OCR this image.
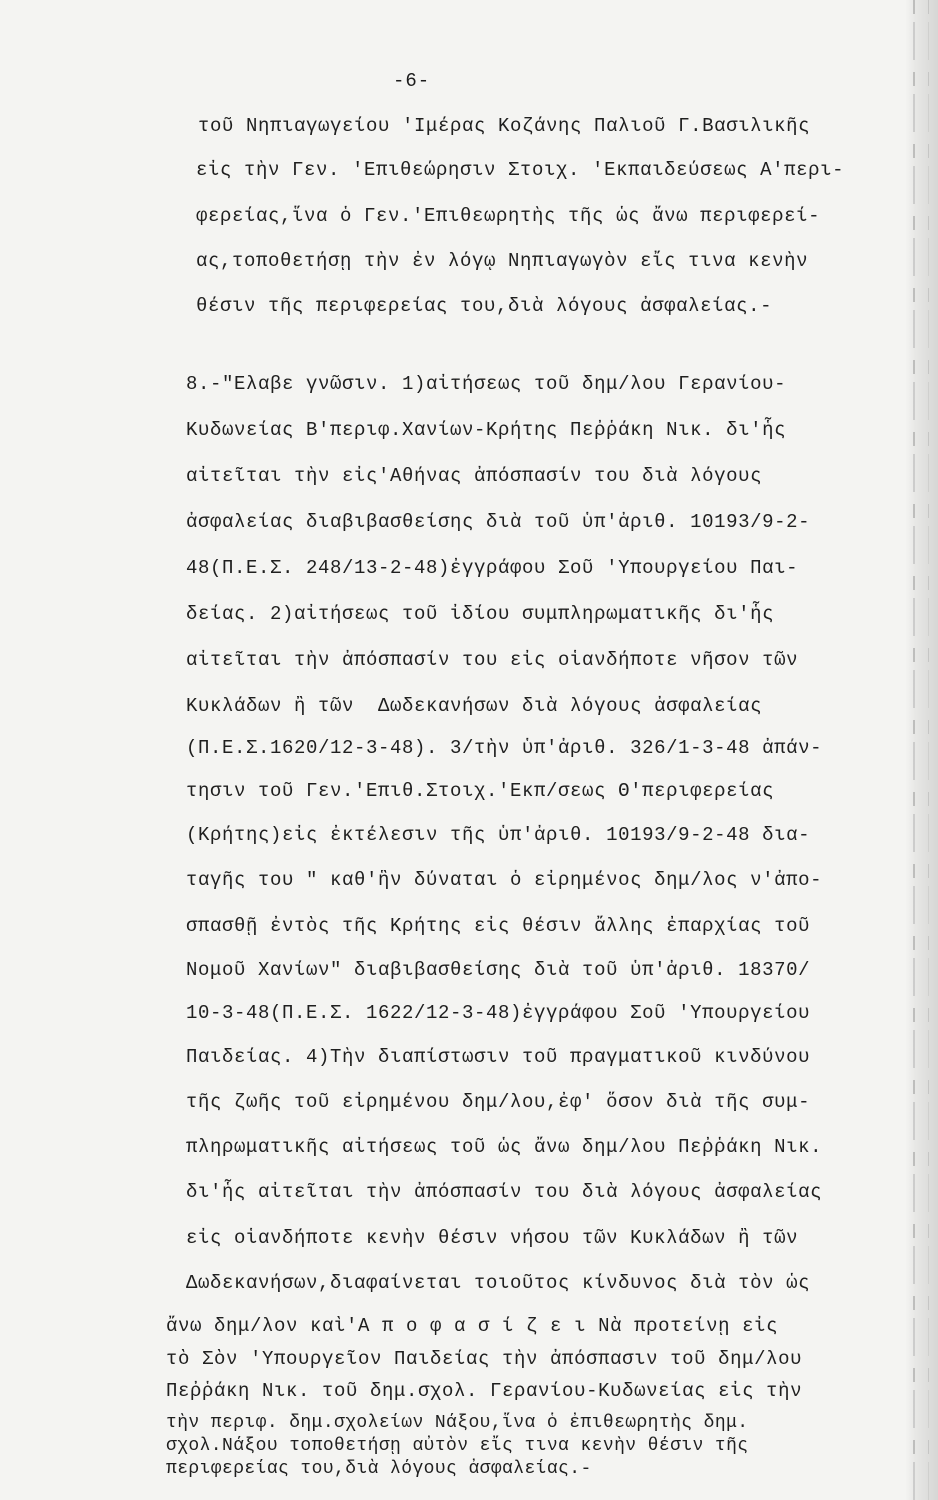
-6-
τοῦ Νηπιαγωγείου 'Ιμέρας Κοζάνης Παλιοῦ Γ.Βασιλικῆς
εἰς τὴν Γεν. 'Επιθεώρησιν Στοιχ. 'Εκπαιδεύσεως Α'περι-
φερείας,ἵνα ὁ Γεν.'Επιθεωρητὴς τῆς ὡς ἄνω περιφερεί-
ας,τοποθετήσῃ τὴν ἐν λόγῳ Νηπιαγωγὸν εἴς τινα κενὴν
θέσιν τῆς περιφερείας του,διὰ λόγους ἀσφαλείας.-
8.-"Ελαβε γνῶσιν. 1)αἰτήσεως τοῦ δημ/λου Γερανίου-
Κυδωνείας Β'περιφ.Χανίων-Κρήτης Πεῤῥάκη Νικ. δι'ἧς
αἰτεῖται τὴν εἰς'Αθήνας ἀπόσπασίν του διὰ λόγους
ἀσφαλείας διαβιβασθείσης διὰ τοῦ ὑπ'ἀριθ. 10193/9-2-
48(Π.Ε.Σ. 248/13-2-48)ἐγγράφου Σοῦ 'Υπουργείου Παι-
δείας. 2)αἰτήσεως τοῦ ἰδίου συμπληρωματικῆς δι'ἧς
αἰτεῖται τὴν ἀπόσπασίν του εἰς οἱανδήποτε νῆσον τῶν
Κυκλάδων ἢ τῶν  Δωδεκανήσων διὰ λόγους ἀσφαλείας
(Π.Ε.Σ.1620/12-3-48). 3/τὴν ὑπ'ἀριθ. 326/1-3-48 ἀπάν-
τησιν τοῦ Γεν.'Επιθ.Στοιχ.'Εκπ/σεως Θ'περιφερείας
(Κρήτης)εἰς ἐκτέλεσιν τῆς ὑπ'ἀριθ. 10193/9-2-48 δια-
ταγῆς του " καθ'ἣν δύναται ὁ εἰρημένος δημ/λος ν'ἀπο-
σπασθῇ ἐντὸς τῆς Κρήτης εἰς θέσιν ἄλλης ἐπαρχίας τοῦ
Νομοῦ Χανίων" διαβιβασθείσης διὰ τοῦ ὑπ'ἀριθ. 18370/
10-3-48(Π.Ε.Σ. 1622/12-3-48)ἐγγράφου Σοῦ 'Υπουργείου
Παιδείας. 4)Τὴν διαπίστωσιν τοῦ πραγματικοῦ κινδύνου
τῆς ζωῆς τοῦ εἰρημένου δημ/λου,ἐφ' ὅσον διὰ τῆς συμ-
πληρωματικῆς αἰτήσεως τοῦ ὡς ἄνω δημ/λου Πεῤῥάκη Νικ.
δι'ἧς αἰτεῖται τὴν ἀπόσπασίν του διὰ λόγους ἀσφαλείας
εἰς οἱανδήποτε κενὴν θέσιν νήσου τῶν Κυκλάδων ἢ τῶν
Δωδεκανήσων,διαφαίνεται τοιοῦτος κίνδυνος διὰ τὸν ὡς
ἄνω δημ/λον καὶ'Α π ο φ α σ ί ζ ε ι Νὰ προτείνῃ εἰς
τὸ Σὸν 'Υπουργεῖον Παιδείας τὴν ἀπόσπασιν τοῦ δημ/λου
Πεῤῥάκη Νικ. τοῦ δημ.σχολ. Γερανίου-Κυδωνείας εἰς τὴν
τὴν περιφ. δημ.σχολείων Νάξου,ἵνα ὁ ἐπιθεωρητὴς δημ.
σχολ.Νάξου τοποθετήσῃ αὐτὸν εἴς τινα κενὴν θέσιν τῆς
περιφερείας του,διὰ λόγους ἀσφαλείας.-
